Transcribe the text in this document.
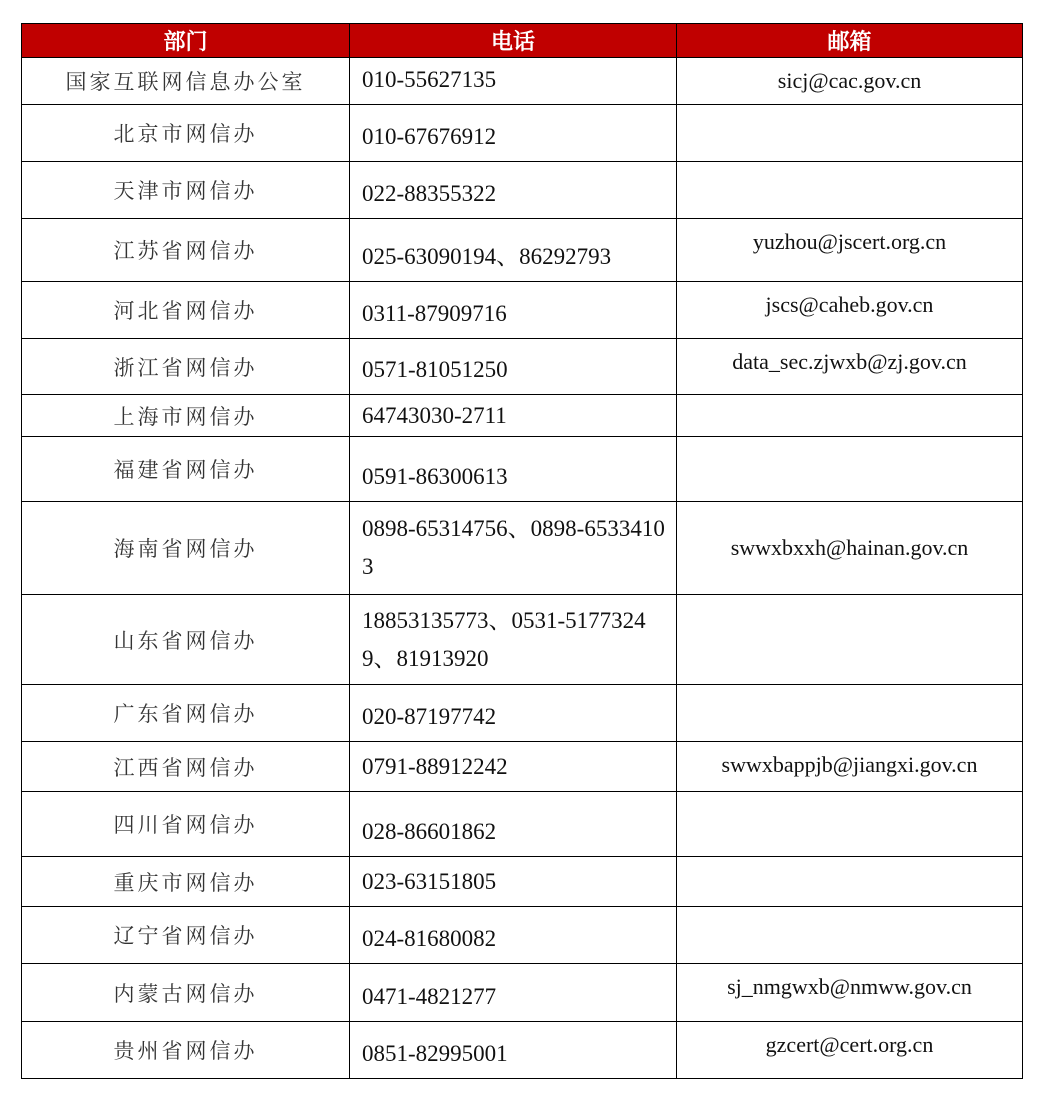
部门	电话	邮箱
国家互联网信息办公室	010-55627135	sicj@cac.gov.cn
北京市网信办	010-67676912	
天津市网信办	022-88355322	
江苏省网信办	025-63090194、86292793	yuzhou@jscert.org.cn
河北省网信办	0311-87909716	jscs@caheb.gov.cn
浙江省网信办	0571-81051250	data_sec.zjwxb@zj.gov.cn
上海市网信办	64743030-2711	
福建省网信办	0591-86300613	
海南省网信办	0898-65314756、0898-65334103	swwxbxxh@hainan.gov.cn
山东省网信办	18853135773、0531-51773249、81913920	
广东省网信办	020-87197742	
江西省网信办	0791-88912242	swwxbappjb@jiangxi.gov.cn
四川省网信办	028-86601862	
重庆市网信办	023-63151805	
辽宁省网信办	024-81680082	
内蒙古网信办	0471-4821277	sj_nmgwxb@nmww.gov.cn
贵州省网信办	0851-82995001	gzcert@cert.org.cn
